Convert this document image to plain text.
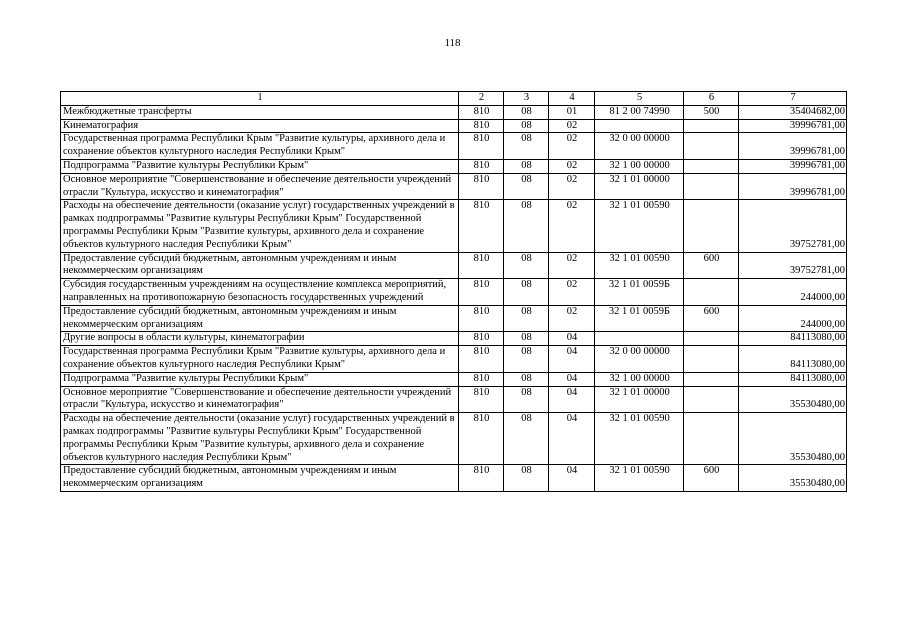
118
1	2	3	4	5	6	7
Межбюджетные трансферты	810	08	01	81 2 00 74990	500	35404682,00
Кинематография	810	08	02			39996781,00
Государственная программа Республики Крым "Развитие культуры, архивного дела и сохранение объектов культурного наследия Республики Крым"	810	08	02	32 0 00 00000		39996781,00
Подпрограмма "Развитие культуры Республики Крым"	810	08	02	32 1 00 00000		39996781,00
Основное мероприятие "Совершенствование и обеспечение деятельности учреждений отрасли "Культура, искусство и кинематография"	810	08	02	32 1 01 00000		39996781,00
Расходы на обеспечение деятельности (оказание услуг) государственных учреждений в рамках подпрограммы "Развитие культуры Республики Крым" Государственной программы Республики Крым "Развитие культуры, архивного дела и сохранение объектов культурного наследия Республики Крым"	810	08	02	32 1 01 00590		39752781,00
Предоставление субсидий бюджетным, автономным учреждениям и иным некоммерческим организациям	810	08	02	32 1 01 00590	600	39752781,00
Субсидия государственным учреждениям на осуществление комплекса мероприятий, направленных на противопожарную безопасность государственных учреждений	810	08	02	32 1 01 0059Б		244000,00
Предоставление субсидий бюджетным, автономным учреждениям и иным некоммерческим организациям	810	08	02	32 1 01 0059Б	600	244000,00
Другие вопросы в области культуры, кинематографии	810	08	04			84113080,00
Государственная программа Республики Крым "Развитие культуры, архивного дела и сохранение объектов культурного наследия Республики Крым"	810	08	04	32 0 00 00000		84113080,00
Подпрограмма "Развитие культуры Республики Крым"	810	08	04	32 1 00 00000		84113080,00
Основное мероприятие "Совершенствование и обеспечение деятельности учреждений отрасли "Культура, искусство и кинематография"	810	08	04	32 1 01 00000		35530480,00
Расходы на обеспечение деятельности (оказание услуг) государственных учреждений в рамках подпрограммы "Развитие культуры Республики Крым" Государственной программы Республики Крым "Развитие культуры, архивного дела и сохранение объектов культурного наследия Республики Крым"	810	08	04	32 1 01 00590		35530480,00
Предоставление субсидий бюджетным, автономным учреждениям и иным некоммерческим организациям	810	08	04	32 1 01 00590	600	35530480,00
